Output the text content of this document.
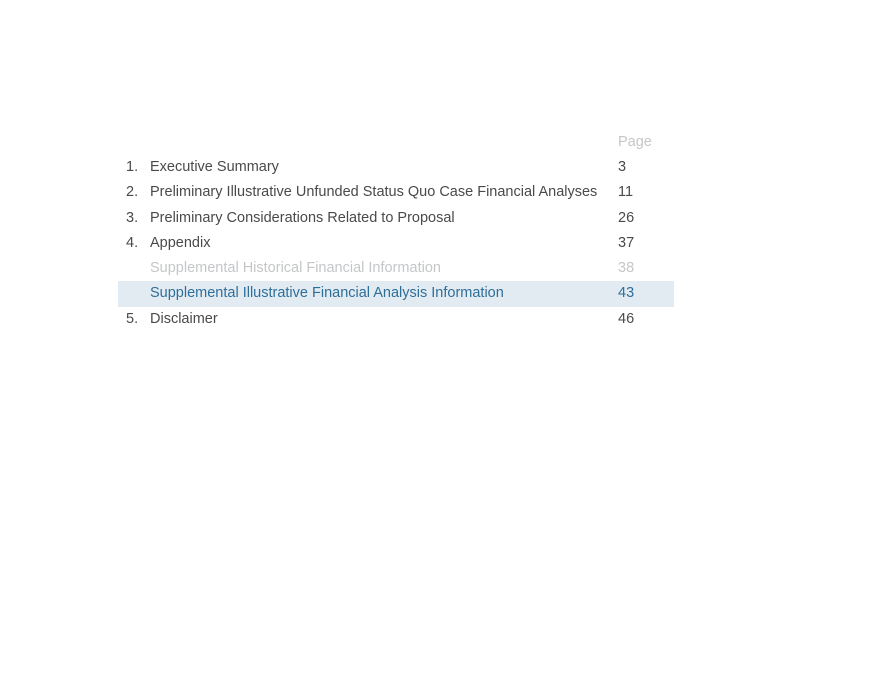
Page
1. Executive Summary	3
2. Preliminary Illustrative Unfunded Status Quo Case Financial Analyses 11
3. Preliminary Considerations Related to Proposal	26
4. Appendix	37
Supplemental Historical Financial Information	38
Supplemental Illustrative Financial Analysis Information	43
5. Disclaimer	46
